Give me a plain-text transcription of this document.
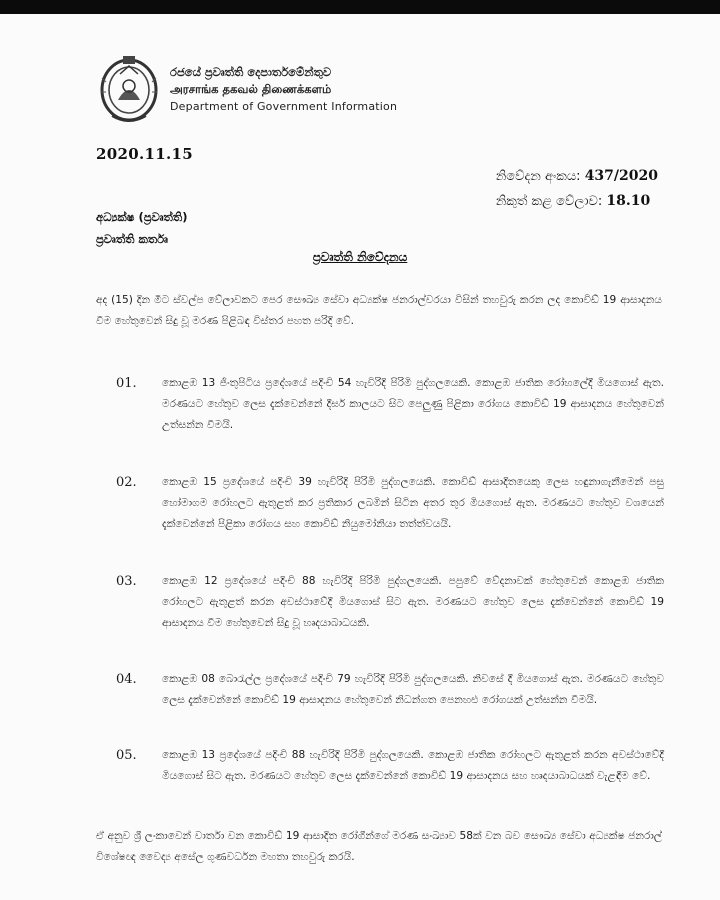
රජයේ ප්‍රවෘත්ති දෙපාර්තමේන්තුව
அரசாங்க தகவல் திணைக்களம்
Department of Government Information
2020.11.15
නිවේදන අංකය: 437/2020
නිකුත් කළ වේලාව: 18.10
අධ්‍යක්ෂ (ප්‍රවෘත්ති)
ප්‍රවෘත්ති කර්තෘ
ප්‍රවෘත්ති නිවේදනය
අද (15) දින මීට ස්වල්ප වේලාවකට පෙර සෞඛ්‍ය සේවා අධ්‍යක්ෂ ජනරාල්වරයා විසින් තහවුරු කරන ලද කොවිඩ් 19 ආසාදනය වීම හේතුවෙන් සිදු වූ මරණ පිළිබඳ විස්තර පහත පරිදි වේ.
01. කොළඹ 13 ජිංතුපිටිය ප්‍රදේශයේ පදිංචි 54 හැවිරිදි පිරිමි පුද්ගලයෙකි. කොළඹ ජාතික රෝහලේදී මියගොස් ඇත. මරණයට හේතුව ලෙස දැක්වෙන්නේ දීර්ඝ කාලයට සිට පෙලුණු පිළිකා රෝගය කොවිඩ් 19 ආසාදනය හේතුවෙන් උත්සන්න වීමයි.
02. කොළඹ 15 ප්‍රදේශයේ පදිංචි 39 හැවිරිදි පිරිමි පුද්ගලයෙකි. කොවිඩ් ආසාදිතයෙකු ලෙස හඳුනාගැනීමෙන් පසු හෝමාගම රෝහලට ඇතුළත් කර ප්‍රතිකාර ලබමින් සිටින අතර තුර මියගොස් ඇත. මරණයට හේතුව වශයෙන් දැක්වෙන්නේ පිළිකා රෝගය සහ කොවිඩ් නියුමෝනියා තත්ත්වයයි.
03. කොළඹ 12 ප්‍රදේශයේ පදිංචි 88 හැවිරිදි පිරිමි පුද්ගලයෙකි. පපුවේ වේදනාවක් හේතුවෙන් කොළඹ ජාතික රෝහලට ඇතුළත් කරන අවස්ථාවේදී මියගොස් සිට ඇත. මරණයට හේතුව ලෙස දැක්වෙන්නේ කොවිඩ් 19 ආසාදනය වීම හේතුවෙන් සිදු වූ හෘදයාබාධයකි.
04. කොළඹ 08 බොරැල්ල ප්‍රදේශයේ පදිංචි 79 හැවිරිදි පිරිමි පුද්ගලයෙකි. නිවසේ දී මියගොස් ඇත. මරණයට හේතුව ලෙස දැක්වෙන්නේ කොවිඩ් 19 ආසාදනය හේතුවෙන් නිධන්ගත පෙනහළු රෝගයක් උත්සන්න වීමයි.
05. කොළඹ 13 ප්‍රදේශයේ පදිංචි 88 හැවිරිදි පිරිමි පුද්ගලයෙකි. කොළඹ ජාතික රෝහලට ඇතුළත් කරන අවස්ථාවේදී මියගොස් සිට ඇත. මරණයට හේතුව ලෙස දැක්වෙන්නේ කොවිඩ් 19 ආසාදනය සහ හෘදයාබාධයක් වැළඳීම වේ.
ඒ අනුව ශ්‍රී ලංකාවෙන් වාර්තා වන කොවිඩ් 19 ආසාදිත රෝගීන්ගේ මරණ සංඛ්‍යාව 58ක් වන බව සෞඛ්‍ය සේවා අධ්‍යක්ෂ ජනරාල් විශේෂඥ වෛද්‍ය අසේල ගුණවර්ධන මහතා තහවුරු කරයි.
